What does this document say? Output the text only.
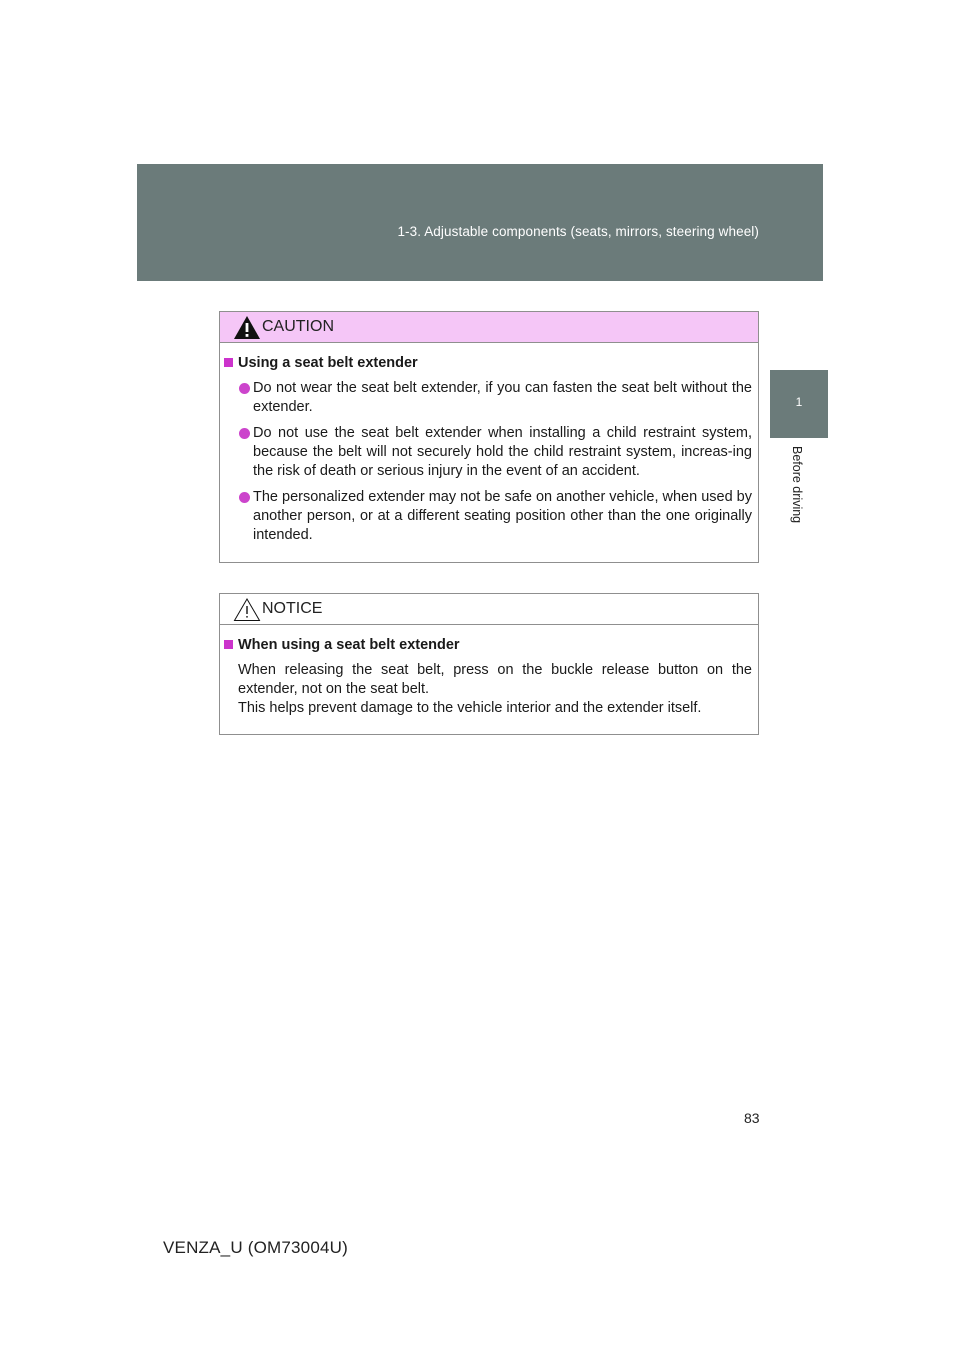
1-3. Adjustable components (seats, mirrors, steering wheel)
1
Before driving
CAUTION
Using a seat belt extender
Do not wear the seat belt extender, if you can fasten the seat belt without the extender.
Do not use the seat belt extender when installing a child restraint system, because the belt will not securely hold the child restraint system, increas-ing the risk of death or serious injury in the event of an accident.
The personalized extender may not be safe on another vehicle, when used by another person, or at a different seating position other than the one originally intended.
NOTICE
When using a seat belt extender
When releasing the seat belt, press on the buckle release button on the extender, not on the seat belt.
This helps prevent damage to the vehicle interior and the extender itself.
83
VENZA_U (OM73004U)
